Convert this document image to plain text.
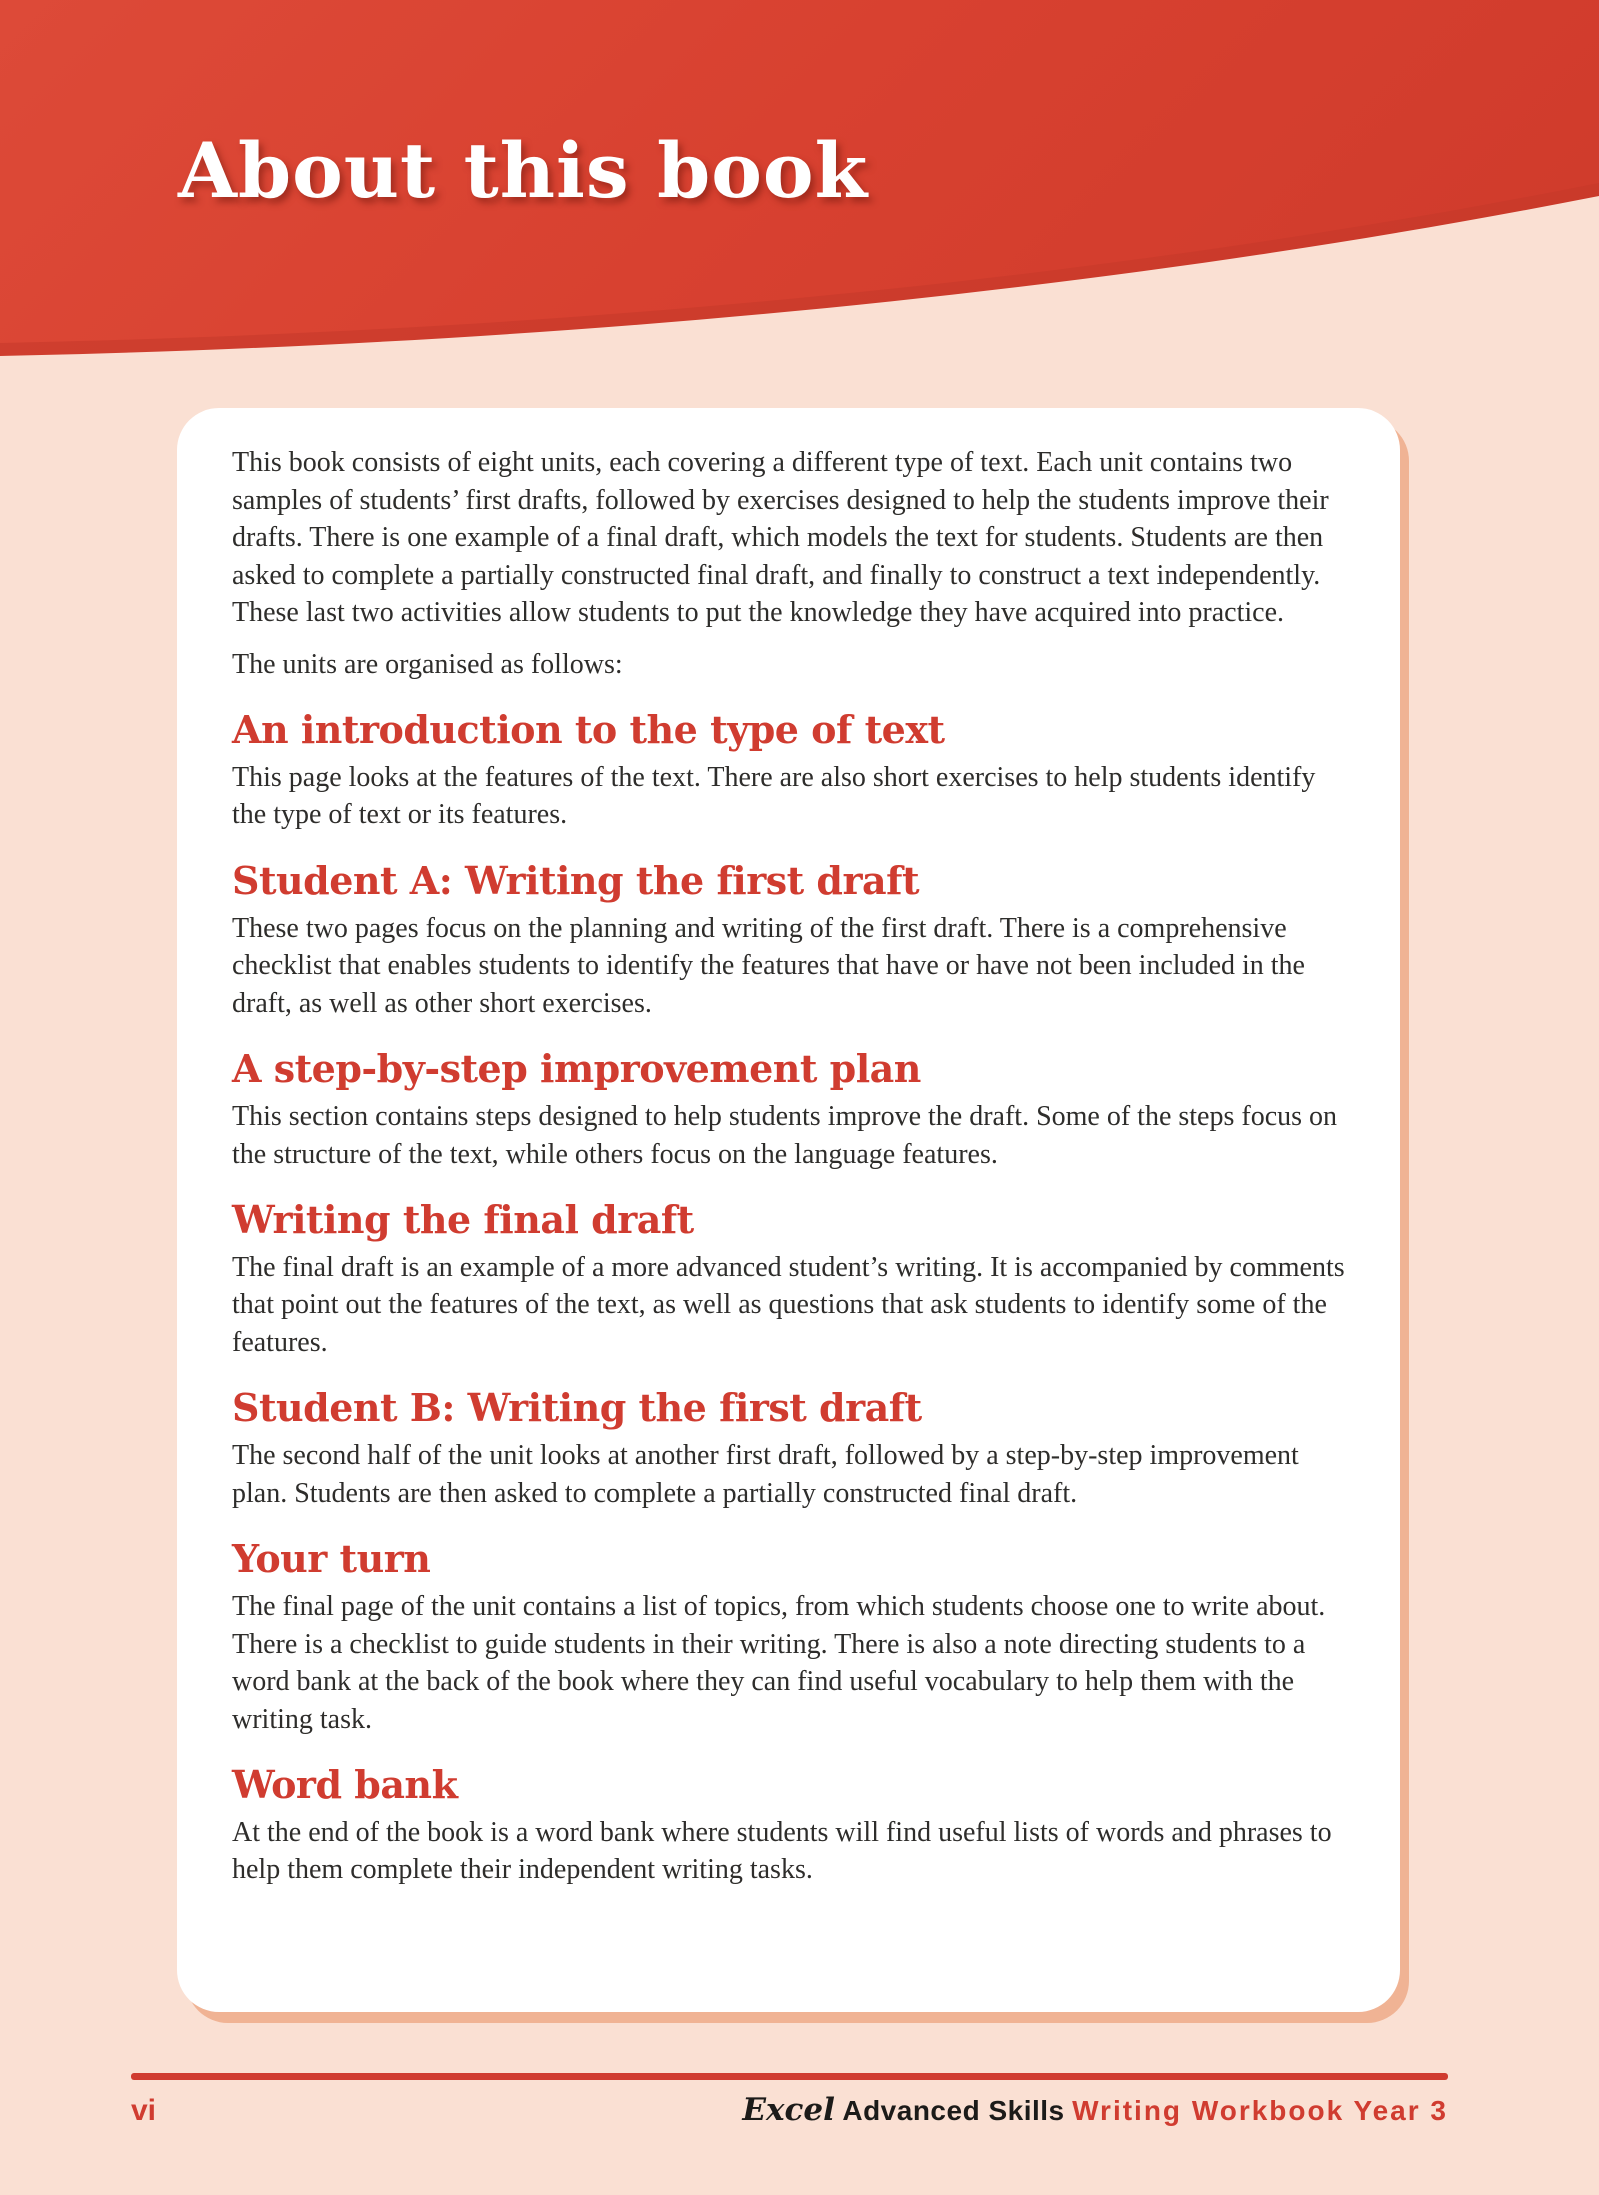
About this book

This book consists of eight units, each covering a different type of text. Each unit contains two samples of students’ first drafts, followed by exercises designed to help the students improve their drafts. There is one example of a final draft, which models the text for students. Students are then asked to complete a partially constructed final draft, and finally to construct a text independently. These last two activities allow students to put the knowledge they have acquired into practice.

The units are organised as follows:

An introduction to the type of text

This page looks at the features of the text. There are also short exercises to help students identify the type of text or its features.

Student A: Writing the first draft

These two pages focus on the planning and writing of the first draft. There is a comprehensive checklist that enables students to identify the features that have or have not been included in the draft, as well as other short exercises.

A step-by-step improvement plan

This section contains steps designed to help students improve the draft. Some of the steps focus on the structure of the text, while others focus on the language features.

Writing the final draft

The final draft is an example of a more advanced student’s writing. It is accompanied by comments that point out the features of the text, as well as questions that ask students to identify some of the features.

Student B: Writing the first draft

The second half of the unit looks at another first draft, followed by a step-by-step improvement plan. Students are then asked to complete a partially constructed final draft.

Your turn

The final page of the unit contains a list of topics, from which students choose one to write about. There is a checklist to guide students in their writing. There is also a note directing students to a word bank at the back of the book where they can find useful vocabulary to help them with the writing task.

Word bank

At the end of the book is a word bank where students will find useful lists of words and phrases to help them complete their independent writing tasks.

vi	Excel Advanced Skills Writing Workbook Year 3
